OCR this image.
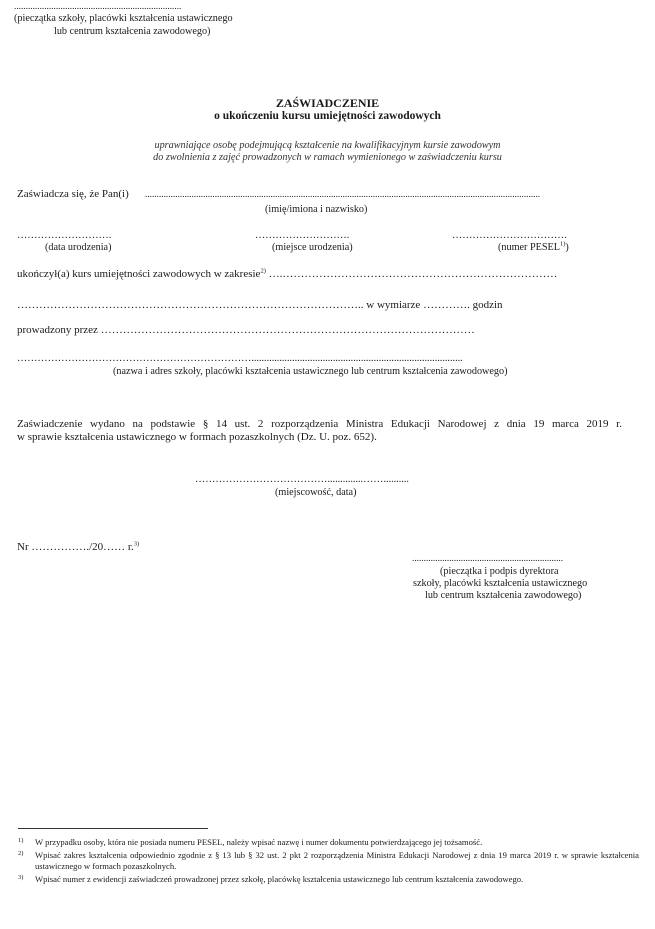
........................................................................
(pieczątka szkoły, placówki kształcenia ustawicznego
lub centrum kształcenia zawodowego)
ZAŚWIADCZENIE
o ukończeniu kursu umiejętności zawodowych
uprawniające osobę podejmującą kształcenie na kwalifikacyjnym kursie zawodowym
do zwolnienia z zajęć prowadzonych w ramach wymienionego w zaświadczeniu kursu
Zaświadcza się, że Pan(i) ..........................................................................................................................................................................
(imię/imiona i nazwisko)
……………………….	……………………….	…………………………….
(data urodzenia)	(miejsce urodzenia)	(numer PESEL$^{1)}$)
ukończył(a) kurs umiejętności zawodowych w zakresie$^{2)}$ ….…………………………………………………………………
………………………………………………………………………………….. w wymiarze …………. godzin
prowadzony przez …………………………………………………………………………………………
……………………………………………………………...................................................................................
(nazwa i adres szkoły, placówki kształcenia ustawicznego lub centrum kształcenia zawodowego)
Zaświadczenie wydano na podstawie § 14 ust. 2 rozporządzenia Ministra Edukacji Narodowej z dnia 19 marca 2019 r.
w sprawie kształcenia ustawicznego w formach pozaszkolnych (Dz. U. poz. 652).
…………………………………..............……..........
(miejscowość, data)
Nr ……………./20…… r.$^{3)}$
.................................................................
(pieczątka i podpis dyrektora
szkoły, placówki kształcenia ustawicznego
lub centrum kształcenia zawodowego)
1) W przypadku osoby, która nie posiada numeru PESEL, należy wpisać nazwę i numer dokumentu potwierdzającego jej tożsamość.
2) Wpisać zakres kształcenia odpowiednio zgodnie z § 13 lub § 32 ust. 2 pkt 2 rozporządzenia Ministra Edukacji Narodowej z dnia 19 marca 2019 r. w sprawie kształcenia ustawicznego w formach pozaszkolnych.
3) Wpisać numer z ewidencji zaświadczeń prowadzonej przez szkołę, placówkę kształcenia ustawicznego lub centrum kształcenia zawodowego.
